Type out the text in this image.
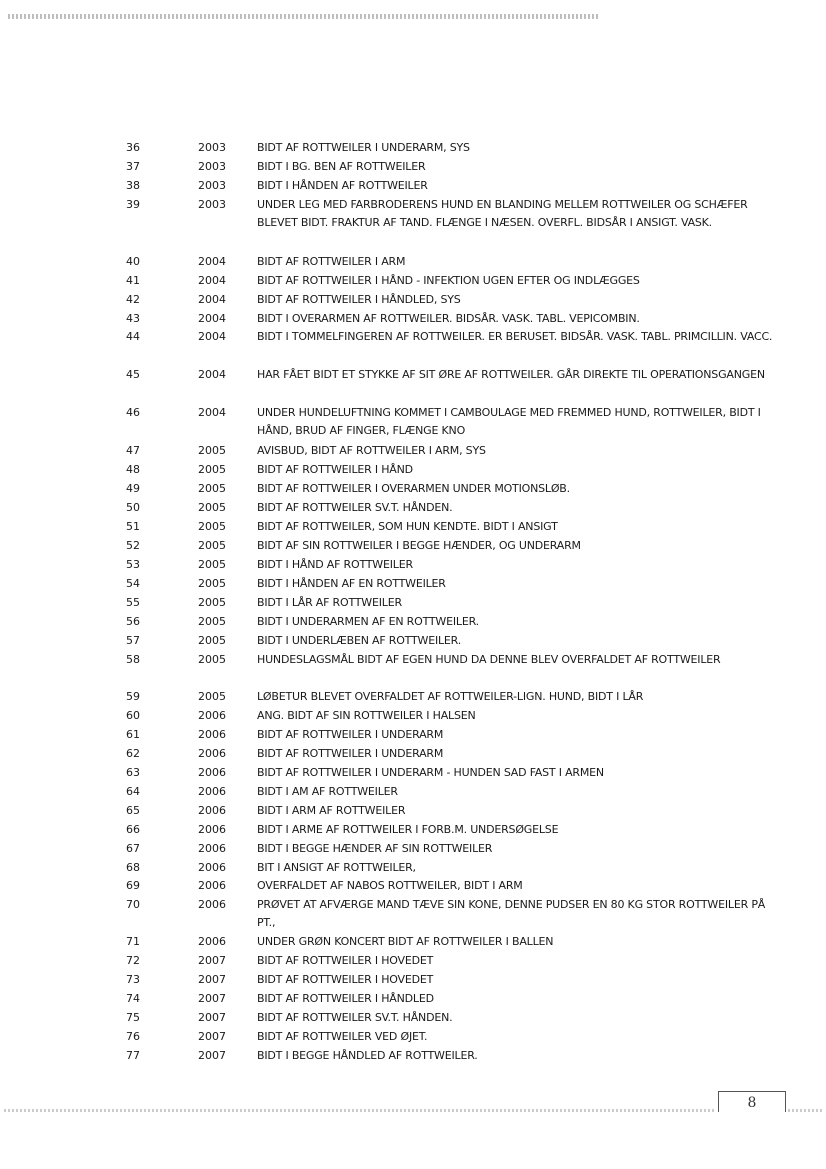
36	2003	BIDT AF ROTTWEILER I UNDERARM, SYS
37	2003	BIDT I BG. BEN AF ROTTWEILER
38	2003	BIDT I HÅNDEN AF ROTTWEILER
39	2003	UNDER LEG MED FARBRODERENS HUND EN BLANDING MELLEM ROTTWEILER OG SCHÆFER BLEVET BIDT. FRAKTUR AF TAND. FLÆNGE I NÆSEN. OVERFL. BIDSÅR I ANSIGT. VASK.
40	2004	BIDT AF ROTTWEILER I ARM
41	2004	BIDT AF ROTTWEILER I HÅND - INFEKTION UGEN EFTER OG INDLÆGGES
42	2004	BIDT AF ROTTWEILER I HÅNDLED, SYS
43	2004	BIDT I OVERARMEN AF ROTTWEILER. BIDSÅR. VASK. TABL. VEPICOMBIN.
44	2004	BIDT I TOMMELFINGEREN AF ROTTWEILER. ER BERUSET. BIDSÅR. VASK. TABL. PRIMCILLIN. VACC.
45	2004	HAR FÅET BIDT ET STYKKE AF SIT ØRE AF ROTTWEILER. GÅR DIREKTE TIL OPERATIONSGANGEN
46	2004	UNDER HUNDELUFTNING KOMMET I CAMBOULAGE MED FREMMED HUND, ROTTWEILER, BIDT I HÅND, BRUD AF FINGER, FLÆNGE KNO
47	2005	AVISBUD, BIDT AF ROTTWEILER I ARM, SYS
48	2005	BIDT AF ROTTWEILER I HÅND
49	2005	BIDT AF ROTTWEILER I OVERARMEN UNDER MOTIONSLØB.
50	2005	BIDT AF ROTTWEILER SV.T. HÅNDEN.
51	2005	BIDT AF ROTTWEILER, SOM HUN KENDTE. BIDT I ANSIGT
52	2005	BIDT AF SIN ROTTWEILER I BEGGE HÆNDER, OG UNDERARM
53	2005	BIDT I HÅND AF ROTTWEILER
54	2005	BIDT I HÅNDEN AF EN ROTTWEILER
55	2005	BIDT I LÅR AF ROTTWEILER
56	2005	BIDT I UNDERARMEN AF EN ROTTWEILER.
57	2005	BIDT I UNDERLÆBEN AF ROTTWEILER.
58	2005	HUNDESLAGSMÅL BIDT AF EGEN HUND DA DENNE BLEV OVERFALDET AF ROTTWEILER
59	2005	LØBETUR BLEVET OVERFALDET AF ROTTWEILER-LIGN. HUND, BIDT I LÅR
60	2006	ANG. BIDT AF SIN ROTTWEILER I HALSEN
61	2006	BIDT AF ROTTWEILER I UNDERARM
62	2006	BIDT AF ROTTWEILER I UNDERARM
63	2006	BIDT AF ROTTWEILER I UNDERARM - HUNDEN SAD FAST I ARMEN
64	2006	BIDT I AM AF ROTTWEILER
65	2006	BIDT I ARM AF ROTTWEILER
66	2006	BIDT I ARME AF ROTTWEILER I FORB.M. UNDERSØGELSE
67	2006	BIDT I BEGGE HÆNDER AF SIN ROTTWEILER
68	2006	BIT I ANSIGT AF ROTTWEILER,
69	2006	OVERFALDET AF NABOS ROTTWEILER, BIDT I ARM
70	2006	PRØVET AT AFVÆRGE MAND TÆVE SIN KONE, DENNE PUDSER EN 80 KG STOR ROTTWEILER PÅ PT.,
71	2006	UNDER GRØN KONCERT BIDT AF ROTTWEILER I BALLEN
72	2007	BIDT AF ROTTWEILER I HOVEDET
73	2007	BIDT AF ROTTWEILER I HOVEDET
74	2007	BIDT AF ROTTWEILER I HÅNDLED
75	2007	BIDT AF ROTTWEILER SV.T. HÅNDEN.
76	2007	BIDT AF ROTTWEILER VED ØJET.
77	2007	BIDT I BEGGE HÅNDLED AF ROTTWEILER.
8
